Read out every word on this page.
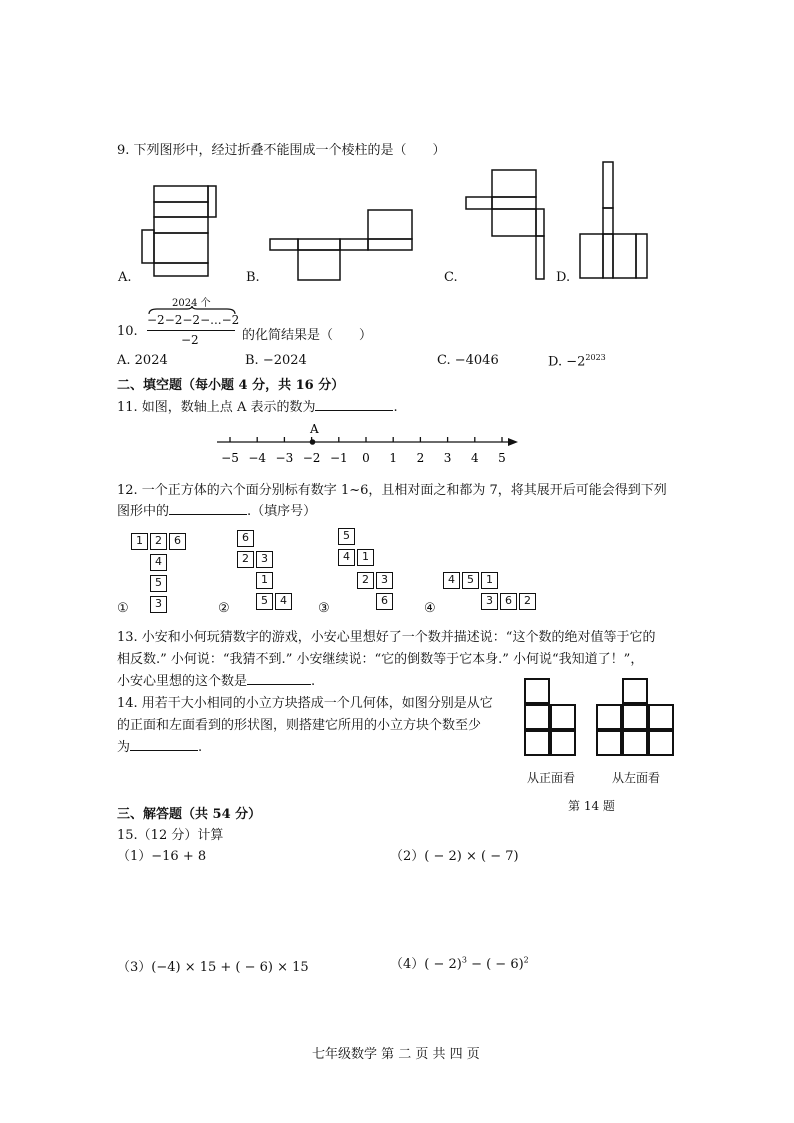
9. 下列图形中，经过折叠不能围成一个棱柱的是（　　）
A.	B.	C.	D.
10.
2024 个
−2−2−2−...−2
−2	的化简结果是（　　）
A. 2024	B. −2024	C. −4046	D. $-2^{2023}$
二、填空题（每小题 4 分，共 16 分）
11. 如图，数轴上点 A 表示的数为	.
−5 −4 −3 −2 −1 0 1 2 3 4 5
A
12. 一个正方体的六个面分别标有数字 1~6，且相对面之和都为 7，将其展开后可能会得到下列
图形中的	.（填序号）
1	2	6
4
5
3
①
6
2	3
1
5	4
②
5
4	1
2	3
6
③
4	5	1
3	6	2
④
13. 小安和小何玩猜数字的游戏，小安心里想好了一个数并描述说：“这个数的绝对值等于它的
相反数.” 小何说：“我猜不到.” 小安继续说：“它的倒数等于它本身.” 小何说“我知道了！”，
小安心里想的这个数是	.
14. 用若干大小相同的小立方块搭成一个几何体，如图分别是从它
的正面和左面看到的形状图，则搭建它所用的小立方块个数至少
为	.
从正面看	从左面看
第 14 题
三、解答题（共 54 分）
15.（12 分）计算
（1）−16 + 8	（2）( − 2) × ( − 7)
（3）(−4) × 15 + ( − 6) × 15	$(4)( - 2)^3$ − ( − 6)$^2$
七年级数学 第 二 页 共 四 页
